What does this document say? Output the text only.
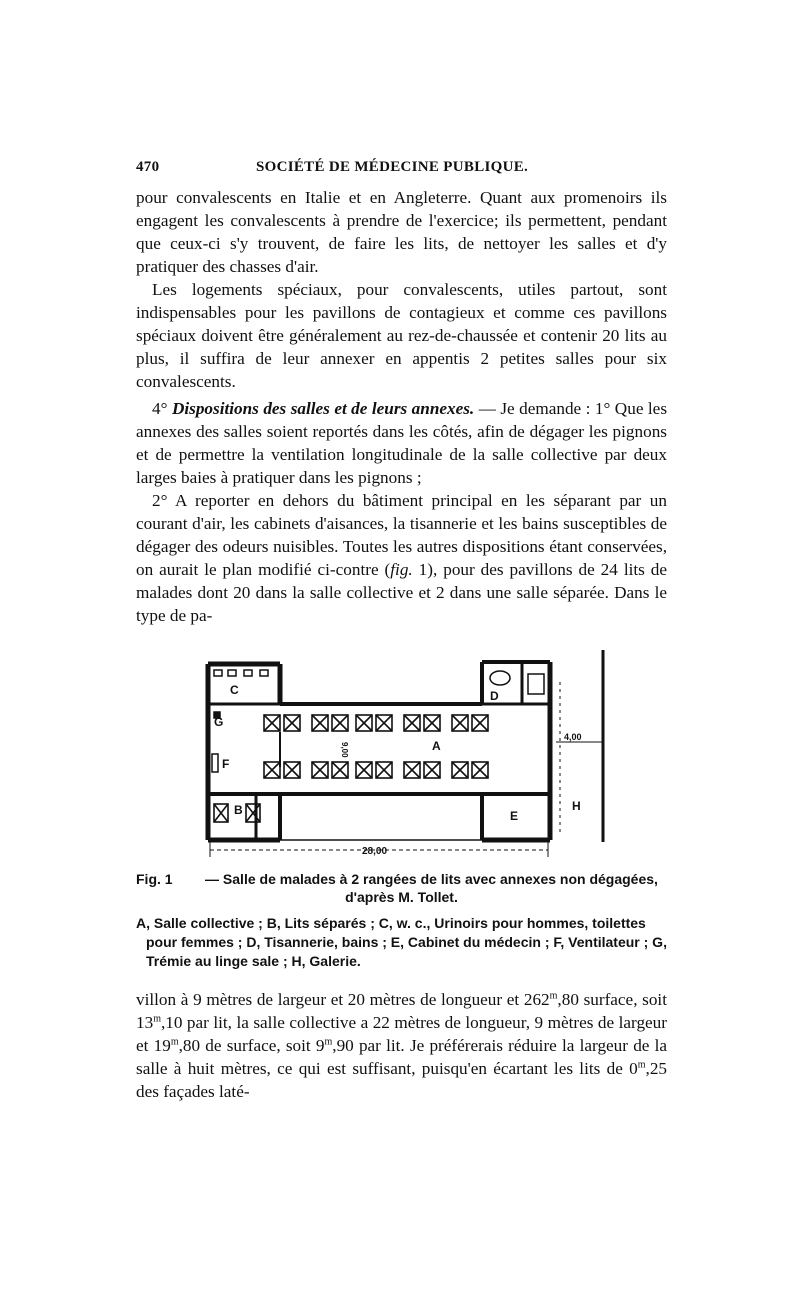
470	SOCIÉTÉ DE MÉDECINE PUBLIQUE.

pour convalescents en Italie et en Angleterre. Quant aux promenoirs ils engagent les convalescents à prendre de l'exercice; ils permettent, pendant que ceux-ci s'y trouvent, de faire les lits, de nettoyer les salles et d'y pratiquer des chasses d'air.

Les logements spéciaux, pour convalescents, utiles partout, sont indispensables pour les pavillons de contagieux et comme ces pavillons spéciaux doivent être généralement au rez-de-chaussée et contenir 20 lits au plus, il suffira de leur annexer en appentis 2 petites salles pour six convalescents.

4° Dispositions des salles et de leurs annexes. — Je demande : 1° Que les annexes des salles soient reportés dans les côtés, afin de dégager les pignons et de permettre la ventilation longitudinale de la salle collective par deux larges baies à pratiquer dans les pignons ;

2° A reporter en dehors du bâtiment principal en les séparant par un courant d'air, les cabinets d'aisances, la tisannerie et les bains susceptibles de dégager des odeurs nuisibles. Toutes les autres dispositions étant conservées, on aurait le plan modifié ci-contre (fig. 1), pour des pavillons de 24 lits de malades dont 20 dans la salle collective et 2 dans une salle séparée. Dans le type de pa-

A
B
C	D
E
F
G
H
28,00
4,00
9,00
Fig. 1	— Salle de malades à 2 rangées de lits avec annexes non dégagées,
d'après M. Tollet.
A, Salle collective ; B, Lits séparés ; C, w. c., Urinoirs pour hommes, toilettes pour femmes ; D, Tisannerie, bains ; E, Cabinet du médecin ; F, Ventilateur ; G, Trémie au linge sale ; H, Galerie.

villon à 9 mètres de largeur et 20 mètres de longueur et 262$^m$,80 surface, soit 13$^m$,10 par lit, la salle collective a 22 mètres de longueur, 9 mètres de largeur et 19$^m$,80 de surface, soit 9$^m$,90 par lit. Je préférerais réduire la largeur de la salle à huit mètres, ce qui est suffisant, puisqu'en écartant les lits de 0$^m$,25 des façades laté-
